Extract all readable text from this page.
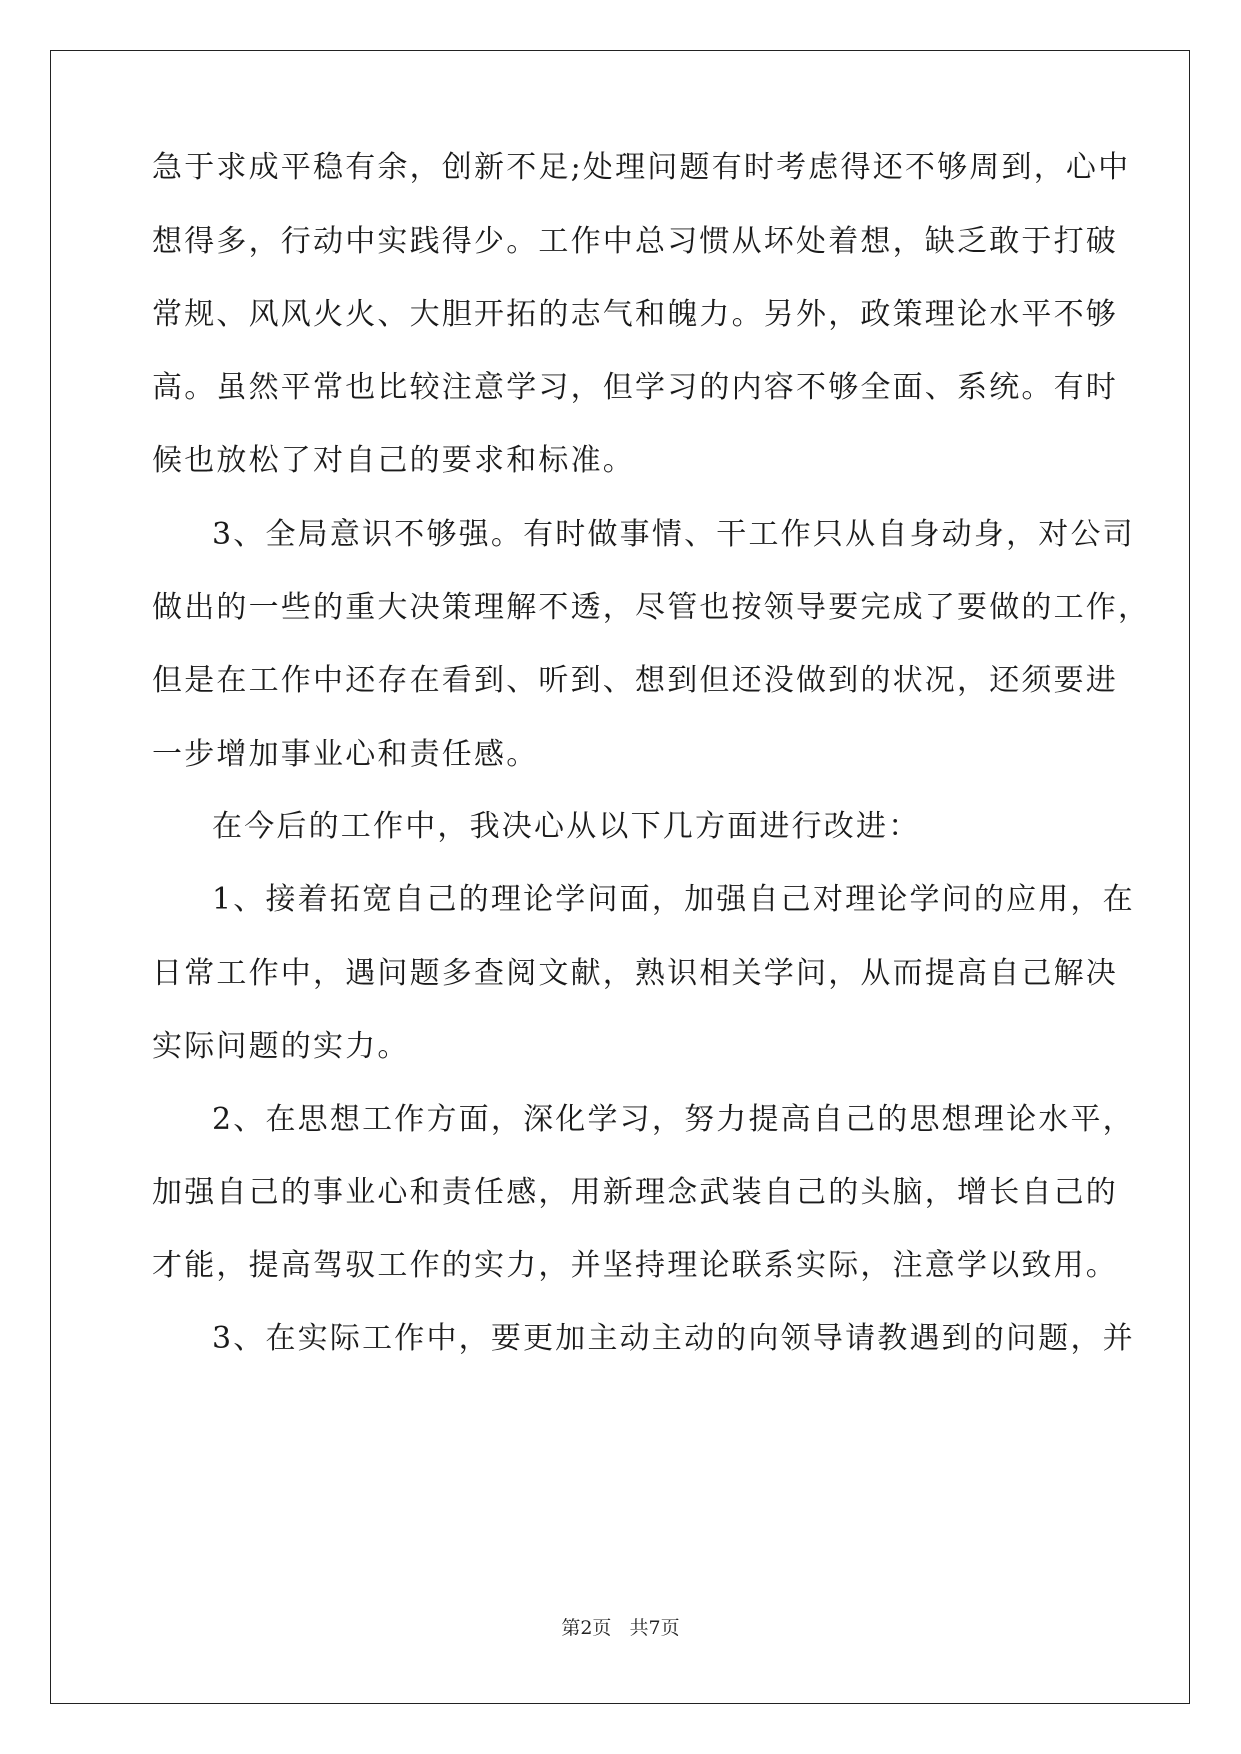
急于求成平稳有余，创新不足;处理问题有时考虑得还不够周到，心中
想得多，行动中实践得少。工作中总习惯从坏处着想，缺乏敢于打破
常规、风风火火、大胆开拓的志气和魄力。另外，政策理论水平不够
高。虽然平常也比较注意学习，但学习的内容不够全面、系统。有时
候也放松了对自己的要求和标准。
3、全局意识不够强。有时做事情、干工作只从自身动身，对公司
做出的一些的重大决策理解不透，尽管也按领导要完成了要做的工作，
但是在工作中还存在看到、听到、想到但还没做到的状况，还须要进
一步增加事业心和责任感。
在今后的工作中，我决心从以下几方面进行改进：
1、接着拓宽自己的理论学问面，加强自己对理论学问的应用，在
日常工作中，遇问题多查阅文献，熟识相关学问，从而提高自己解决
实际问题的实力。
2、在思想工作方面，深化学习，努力提高自己的思想理论水平，
加强自己的事业心和责任感，用新理念武装自己的头脑，增长自己的
才能，提高驾驭工作的实力，并坚持理论联系实际，注意学以致用。
3、在实际工作中，要更加主动主动的向领导请教遇到的问题，并
第2页   共7页
